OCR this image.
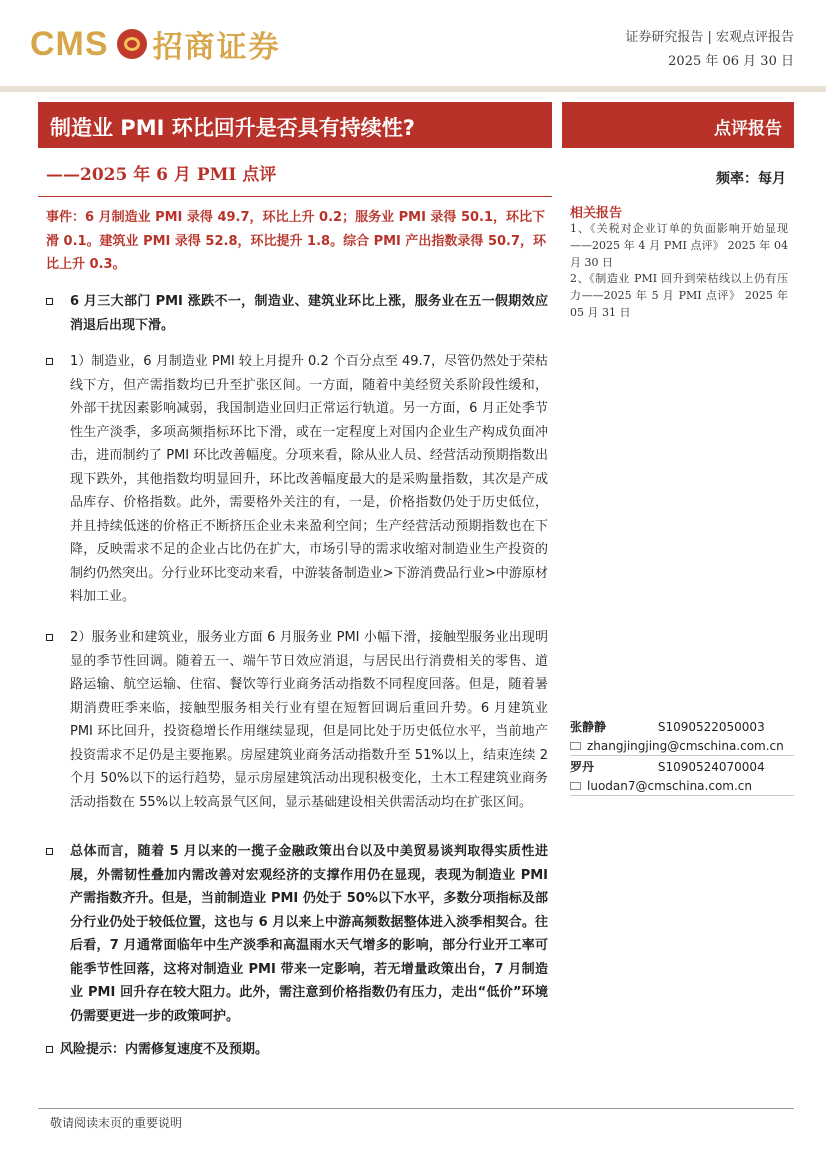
CMS 招商证券	证券研究报告 | 宏观点评报告
2025 年 06 月 30 日
制造业 PMI 环比回升是否具有持续性?
——2025 年 6 月 PMI 点评
点评报告
频率：每月
事件：6 月制造业 PMI 录得 49.7，环比上升 0.2；服务业 PMI 录得 50.1，环比下滑 0.1。建筑业 PMI 录得 52.8，环比提升 1.8。综合 PMI 产出指数录得 50.7，环比上升 0.3。
6 月三大部门 PMI 涨跌不一，制造业、建筑业环比上涨，服务业在五一假期效应消退后出现下滑。
1）制造业，6 月制造业 PMI 较上月提升 0.2 个百分点至 49.7，尽管仍然处于荣枯线下方，但产需指数均已升至扩张区间。一方面，随着中美经贸关系阶段性缓和，外部干扰因素影响减弱，我国制造业回归正常运行轨道。另一方面，6 月正处季节性生产淡季，多项高频指标环比下滑，或在一定程度上对国内企业生产构成负面冲击，进而制约了 PMI 环比改善幅度。分项来看，除从业人员、经营活动预期指数出现下跌外，其他指数均明显回升，环比改善幅度最大的是采购量指数，其次是产成品库存、价格指数。此外，需要格外关注的有，一是，价格指数仍处于历史低位，并且持续低迷的价格正不断挤压企业未来盈利空间；生产经营活动预期指数也在下降，反映需求不足的企业占比仍在扩大，市场引导的需求收缩对制造业生产投资的制约仍然突出。分行业环比变动来看，中游装备制造业>下游消费品行业>中游原材料加工业。
2）服务业和建筑业，服务业方面 6 月服务业 PMI 小幅下滑，接触型服务业出现明显的季节性回调。随着五一、端午节日效应消退，与居民出行消费相关的零售、道路运输、航空运输、住宿、餐饮等行业商务活动指数不同程度回落。但是，随着暑期消费旺季来临，接触型服务相关行业有望在短暂回调后重回升势。6 月建筑业 PMI 环比回升，投资稳增长作用继续显现，但是同比处于历史低位水平，当前地产投资需求不足仍是主要拖累。房屋建筑业商务活动指数升至 51%以上，结束连续 2 个月 50%以下的运行趋势，显示房屋建筑活动出现积极变化，土木工程建筑业商务活动指数在 55%以上较高景气区间，显示基础建设相关供需活动均在扩张区间。
总体而言，随着 5 月以来的一揽子金融政策出台以及中美贸易谈判取得实质性进展，外需韧性叠加内需改善对宏观经济的支撑作用仍在显现，表现为制造业 PMI 产需指数齐升。但是，当前制造业 PMI 仍处于 50%以下水平，多数分项指标及部分行业仍处于较低位置，这也与 6 月以来上中游高频数据整体进入淡季相契合。往后看，7 月通常面临年中生产淡季和高温雨水天气增多的影响，部分行业开工率可能季节性回落，这将对制造业 PMI 带来一定影响，若无增量政策出台，7 月制造业 PMI 回升存在较大阻力。此外，需注意到价格指数仍有压力，走出“低价”环境仍需要更进一步的政策呵护。
风险提示：内需修复速度不及预期。
相关报告
1、《关税对企业订单的负面影响开始显现——2025 年 4 月 PMI 点评》 2025 年 04 月 30 日
2、《制造业 PMI 回升到荣枯线以上仍有压力——2025 年 5 月 PMI 点评》 2025 年 05 月 31 日
张静静	S1090522050003
zhangjingjing@cmschina.com.cn
罗丹	S1090524070004
luodan7@cmschina.com.cn
敬请阅读末页的重要说明
